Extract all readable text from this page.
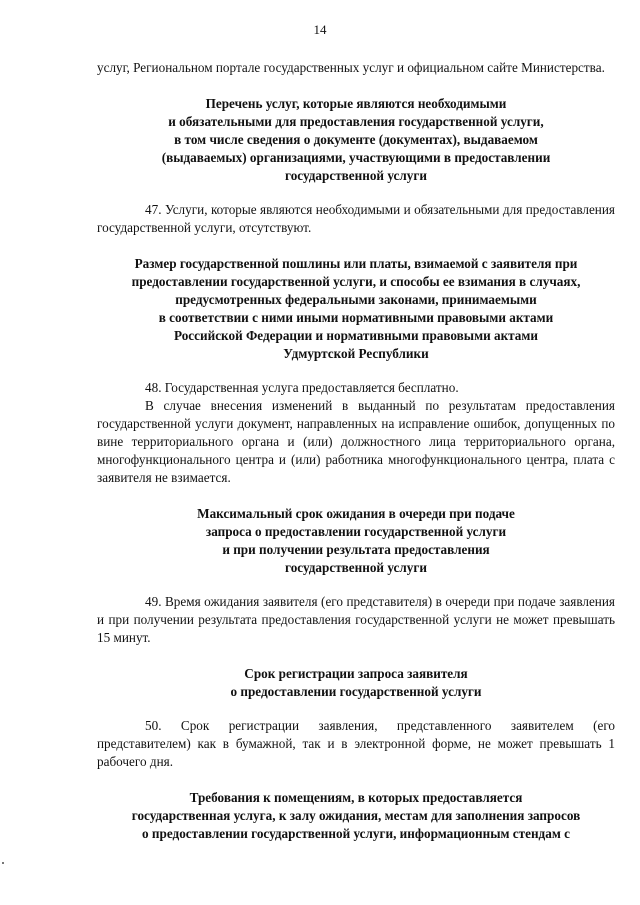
14

услуг, Региональном портале государственных услуг и официальном сайте Министерства.

Перечень услуг, которые являются необходимыми
и обязательными для предоставления государственной услуги,
в том числе сведения о документе (документах), выдаваемом
(выдаваемых) организациями, участвующими в предоставлении
государственной услуги

47. Услуги, которые являются необходимыми и обязательными для предоставления государственной услуги, отсутствуют.

Размер государственной пошлины или платы, взимаемой с заявителя при
предоставлении государственной услуги, и способы ее взимания в случаях,
предусмотренных федеральными законами, принимаемыми
в соответствии с ними иными нормативными правовыми актами
Российской Федерации и нормативными правовыми актами
Удмуртской Республики

48. Государственная услуга предоставляется бесплатно.

В случае внесения изменений в выданный по результатам предоставления государственной услуги документ, направленных на исправление ошибок, допущенных по вине территориального органа и (или) должностного лица территориального органа, многофункционального центра и (или) работника многофункционального центра, плата с заявителя не взимается.

Максимальный срок ожидания в очереди при подаче
запроса о предоставлении государственной услуги
и при получении результата предоставления
государственной услуги

49. Время ожидания заявителя (его представителя) в очереди при подаче заявления и при получении результата предоставления государственной услуги не может превышать 15 минут.

Срок регистрации запроса заявителя
о предоставлении государственной услуги

50. Срок регистрации заявления, представленного заявителем (его представителем) как в бумажной, так и в электронной форме, не может превышать 1 рабочего дня.

Требования к помещениям, в которых предоставляется
государственная услуга, к залу ожидания, местам для заполнения запросов
о предоставлении государственной услуги, информационным стендам с
